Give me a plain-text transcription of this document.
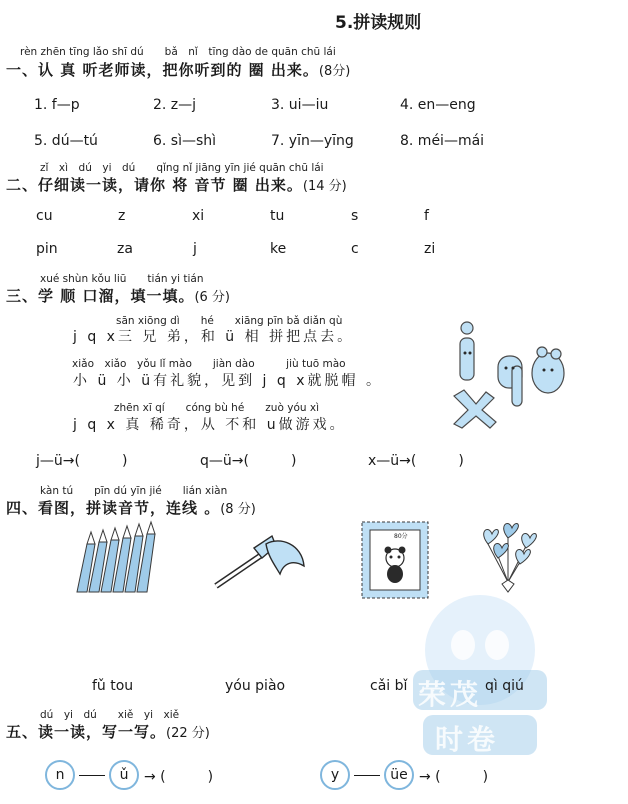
5.拼读规则
rèn zhēn tīng lǎo shī dú　　bǎ　nǐ　tīng dào de quān chū lái
一、认 真 听老师读，把你听到的 圈 出来。(8分)
1. f—p	2. z—j	3. ui—iu	4. en—eng
5. dú—tú	6. sì—shì	7. yīn—yīng	8. méi—mái
zǐ　xì　dú　yi　dú　　qǐng nǐ jiāng yīn jié quān chū lái
二、仔细读一读，请你 将 音节 圈 出来。(14 分)
cu	z	xi	tu	s	f
pin	za	j	ke	c	zi
xué shùn kǒu liū　　tián yi tián
三、学 顺 口溜，填一填。(6 分)
sān xiōng dì　　hé　　xiāng pīn bǎ diǎn qù
j q x三 兄 弟，和 ü 相 拼把点去。
xiǎo　xiǎo　yǒu lǐ mào　　jiàn dào　　　jiù tuō mào
小 ü 小 ü有礼貌，见到 j q x就脱帽 。
zhēn xī qí　　cóng bù hé　　zuò yóu xì
j q x 真 稀奇，从 不和 u做游戏。
j—ü→(　　　)	q—ü→(　　　)	x—ü→(　　　)
j
kàn tú　　pīn dú yīn jié　　lián xiàn
四、看图，拼读音节，连线 。(8 分)
80分
荣茂
时卷
fǔ tou	yóu piào	cǎi bǐ	qì qiú
dú　yi　dú　　xiě　yi　xiě
五、读一读，写一写。(22 分)
n	ǔ → (　　　)	y	üe → (　　　)
